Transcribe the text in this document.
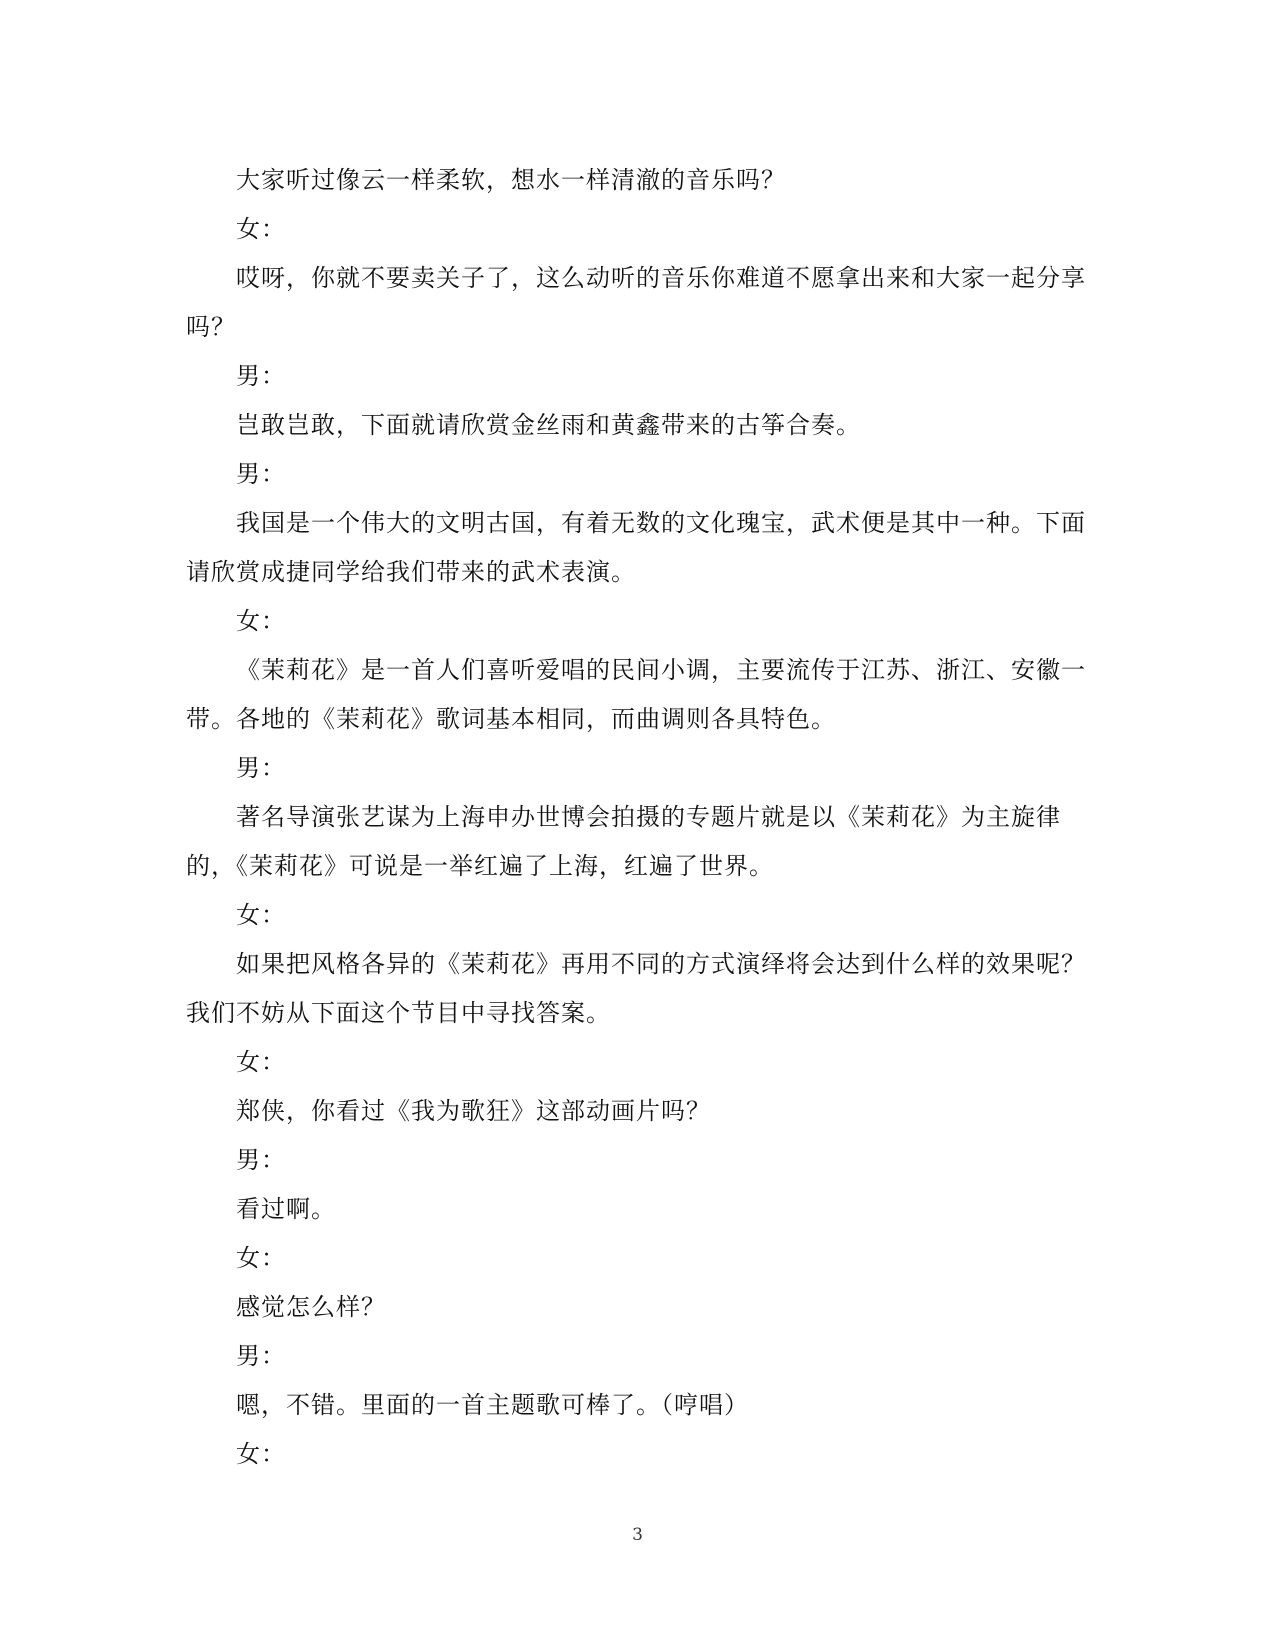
大家听过像云一样柔软，想水一样清澈的音乐吗？

女：

哎呀，你就不要卖关子了，这么动听的音乐你难道不愿拿出来和大家一起分享吗？

男：

岂敢岂敢，下面就请欣赏金丝雨和黄鑫带来的古筝合奏。

男：

我国是一个伟大的文明古国，有着无数的文化瑰宝，武术便是其中一种。下面请欣赏成捷同学给我们带来的武术表演。

女：

《茉莉花》是一首人们喜听爱唱的民间小调，主要流传于江苏、浙江、安徽一带。各地的《茉莉花》歌词基本相同，而曲调则各具特色。

男：

著名导演张艺谋为上海申办世博会拍摄的专题片就是以《茉莉花》为主旋律的，《茉莉花》可说是一举红遍了上海，红遍了世界。

女：

如果把风格各异的《茉莉花》再用不同的方式演绎将会达到什么样的效果呢？我们不妨从下面这个节目中寻找答案。

女：

郑侠，你看过《我为歌狂》这部动画片吗？

男：

看过啊。

女：

感觉怎么样？

男：

嗯，不错。里面的一首主题歌可棒了。（哼唱）

女：

3
